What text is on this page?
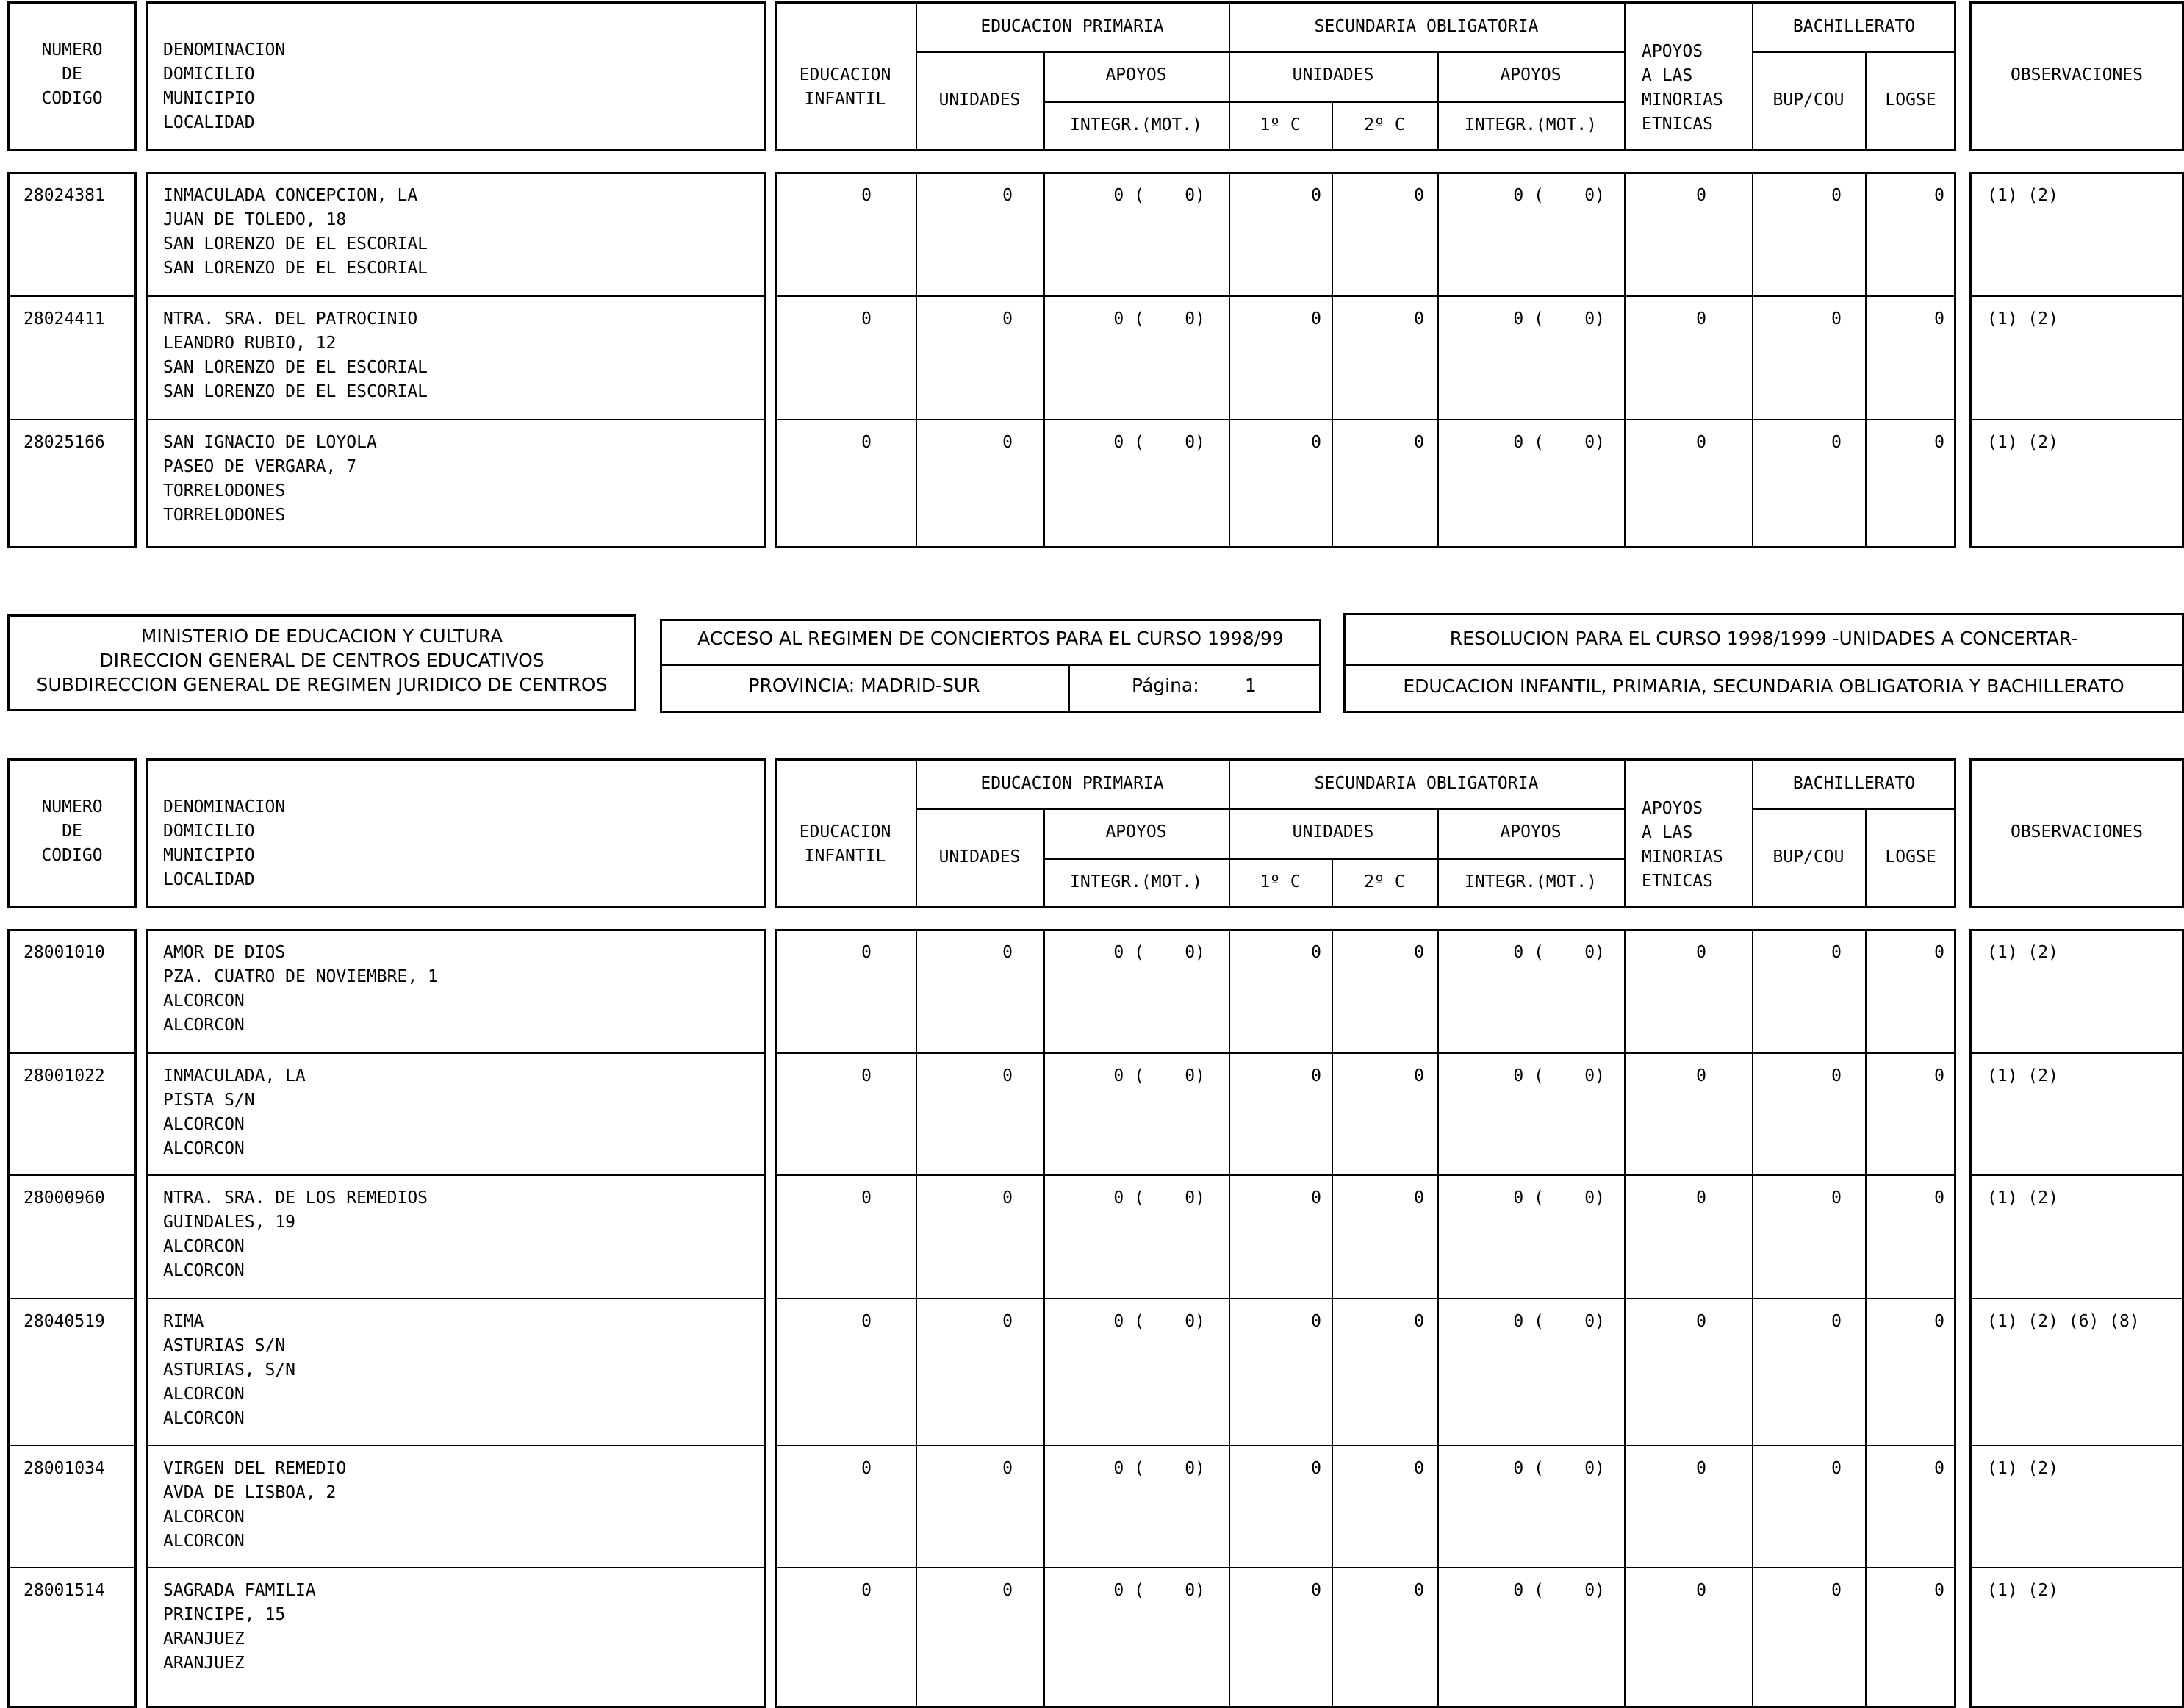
NUMERO
DE
CODIGO
DENOMINACION
DOMICILIO
MUNICIPIO
LOCALIDAD
EDUCACION
INFANTIL
EDUCACION PRIMARIA	SECUNDARIA OBLIGATORIA	BACHILLERATO
UNIDADES
APOYOS
INTEGR.(MOT.)
UNIDADES
1º C	2º C
APOYOS
INTEGR.(MOT.)
APOYOS
A LAS
MINORIAS
ETNICAS
BUP/COU	LOGSE
OBSERVACIONES
28024381	INMACULADA CONCEPCION, LA
JUAN DE TOLEDO, 18
SAN LORENZO DE EL ESCORIAL
SAN LORENZO DE EL ESCORIAL
0	0	0 (    0)	0	0	0 (    0)	0	0	0	(1) (2)
28024411	NTRA. SRA. DEL PATROCINIO
LEANDRO RUBIO, 12
SAN LORENZO DE EL ESCORIAL
SAN LORENZO DE EL ESCORIAL
0	0	0 (    0)	0	0	0 (    0)	0	0	0	(1) (2)
28025166	SAN IGNACIO DE LOYOLA
PASEO DE VERGARA, 7
TORRELODONES
TORRELODONES
0	0	0 (    0)	0	0	0 (    0)	0	0	0	(1) (2)
MINISTERIO DE EDUCACION Y CULTURA
DIRECCION GENERAL DE CENTROS EDUCATIVOS
SUBDIRECCION GENERAL DE REGIMEN JURIDICO DE CENTROS
ACCESO AL REGIMEN DE CONCIERTOS PARA EL CURSO 1998/99
PROVINCIA: MADRID-SUR	Página: 1
RESOLUCION PARA EL CURSO 1998/1999 -UNIDADES A CONCERTAR-
EDUCACION INFANTIL, PRIMARIA, SECUNDARIA OBLIGATORIA Y BACHILLERATO
NUMERO
DE
CODIGO
DENOMINACION
DOMICILIO
MUNICIPIO
LOCALIDAD
EDUCACION
INFANTIL
EDUCACION PRIMARIA	SECUNDARIA OBLIGATORIA	BACHILLERATO
UNIDADES
APOYOS
INTEGR.(MOT.)
UNIDADES
1º C	2º C
APOYOS
INTEGR.(MOT.)
APOYOS
A LAS
MINORIAS
ETNICAS
BUP/COU	LOGSE
OBSERVACIONES
28001010	AMOR DE DIOS
PZA. CUATRO DE NOVIEMBRE, 1
ALCORCON
ALCORCON
0	0	0 (    0)	0	0	0 (    0)	0	0	0	(1) (2)
28001022	INMACULADA, LA
PISTA S/N
ALCORCON
ALCORCON
0	0	0 (    0)	0	0	0 (    0)	0	0	0	(1) (2)
28000960	NTRA. SRA. DE LOS REMEDIOS
GUINDALES, 19
ALCORCON
ALCORCON
0	0	0 (    0)	0	0	0 (    0)	0	0	0	(1) (2)
28040519	RIMA
ASTURIAS S/N
ASTURIAS, S/N
ALCORCON
ALCORCON
0	0	0 (    0)	0	0	0 (    0)	0	0	0	(1) (2) (6) (8)
28001034	VIRGEN DEL REMEDIO
AVDA DE LISBOA, 2
ALCORCON
ALCORCON
0	0	0 (    0)	0	0	0 (    0)	0	0	0	(1) (2)
28001514	SAGRADA FAMILIA
PRINCIPE, 15
ARANJUEZ
ARANJUEZ
0	0	0 (    0)	0	0	0 (    0)	0	0	0	(1) (2)
